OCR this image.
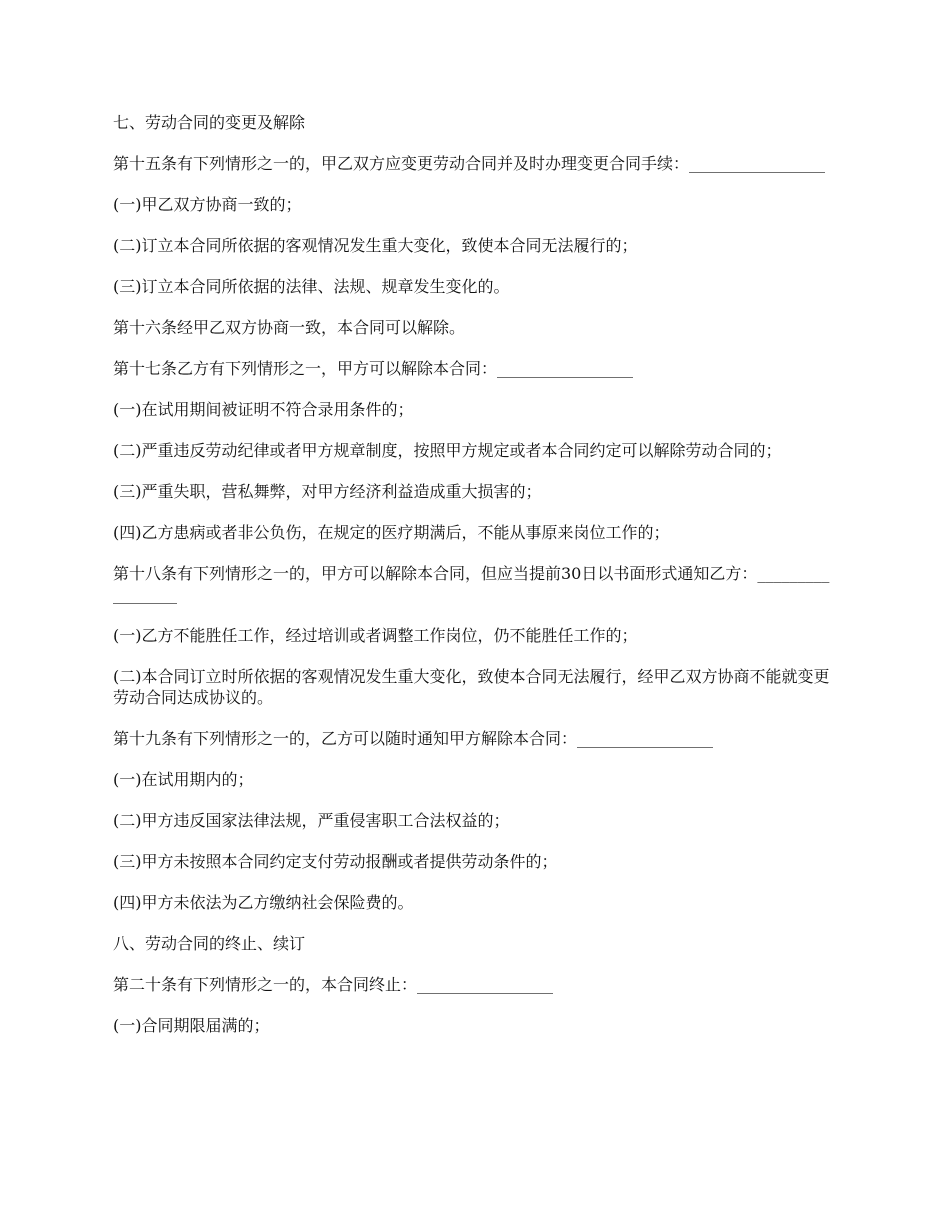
七、劳动合同的变更及解除

第十五条有下列情形之一的，甲乙双方应变更劳动合同并及时办理变更合同手续：_________________

(一)甲乙双方协商一致的；

(二)订立本合同所依据的客观情况发生重大变化，致使本合同无法履行的；

(三)订立本合同所依据的法律、法规、规章发生变化的。

第十六条经甲乙双方协商一致，本合同可以解除。

第十七条乙方有下列情形之一，甲方可以解除本合同：_________________

(一)在试用期间被证明不符合录用条件的；

(二)严重违反劳动纪律或者甲方规章制度，按照甲方规定或者本合同约定可以解除劳动合同的；

(三)严重失职，营私舞弊，对甲方经济利益造成重大损害的；

(四)乙方患病或者非公负伤，在规定的医疗期满后，不能从事原来岗位工作的；

第十八条有下列情形之一的，甲方可以解除本合同，但应当提前30日以书面形式通知乙方：_________________

(一)乙方不能胜任工作，经过培训或者调整工作岗位，仍不能胜任工作的；

(二)本合同订立时所依据的客观情况发生重大变化，致使本合同无法履行，经甲乙双方协商不能就变更劳动合同达成协议的。

第十九条有下列情形之一的，乙方可以随时通知甲方解除本合同：_________________

(一)在试用期内的；

(二)甲方违反国家法律法规，严重侵害职工合法权益的；

(三)甲方未按照本合同约定支付劳动报酬或者提供劳动条件的；

(四)甲方未依法为乙方缴纳社会保险费的。

八、劳动合同的终止、续订

第二十条有下列情形之一的，本合同终止：_________________

(一)合同期限届满的；
